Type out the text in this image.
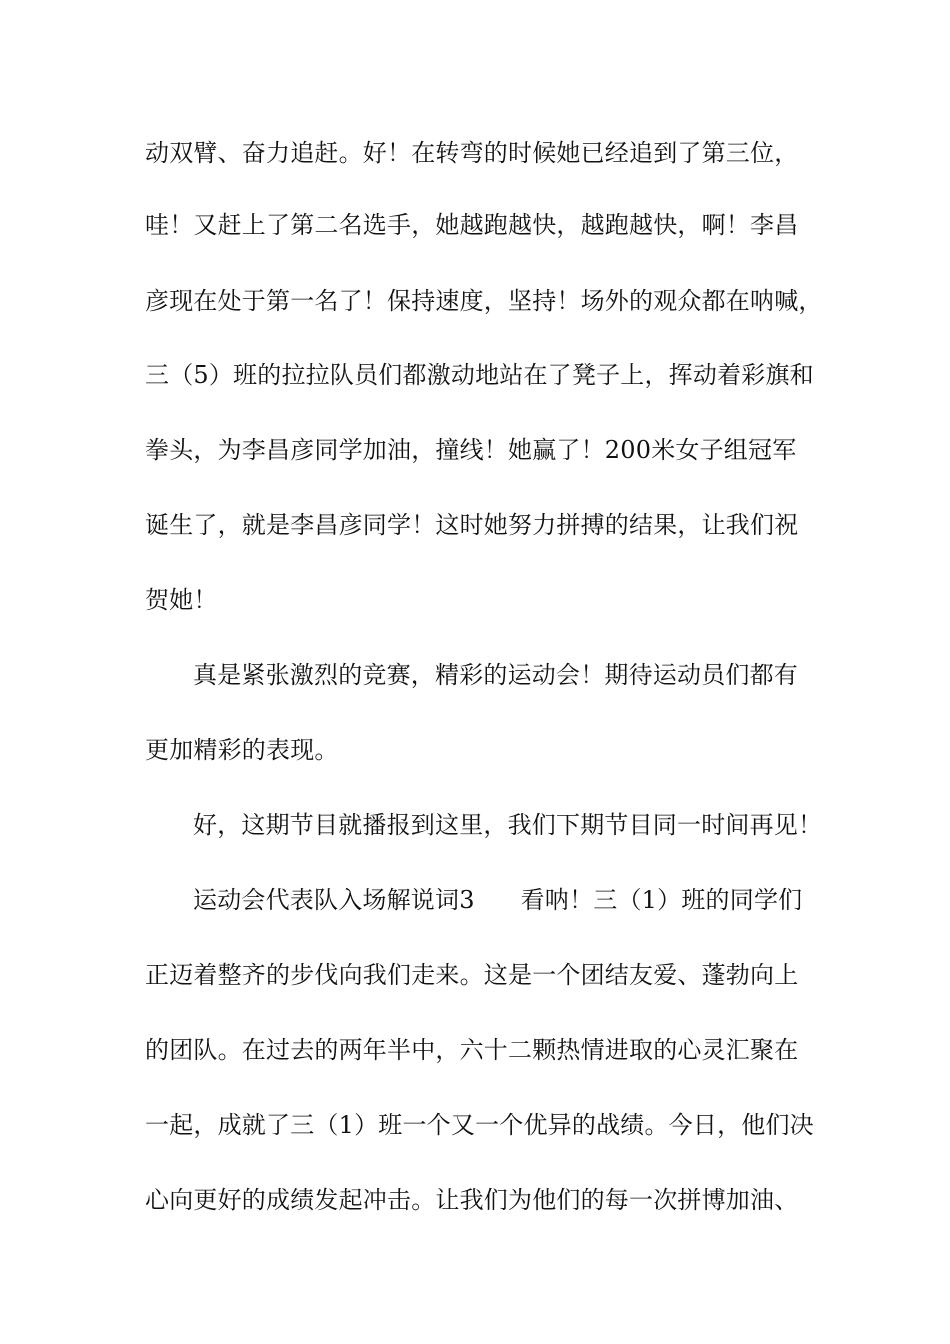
动双臂、奋力追赶。好！在转弯的时候她已经追到了第三位，
哇！又赶上了第二名选手，她越跑越快，越跑越快，啊！李昌
彦现在处于第一名了！保持速度，坚持！场外的观众都在呐喊，
三（5）班的拉拉队员们都激动地站在了凳子上，挥动着彩旗和
拳头，为李昌彦同学加油，撞线！她赢了！200米女子组冠军
诞生了，就是李昌彦同学！这时她努力拼搏的结果，让我们祝
贺她！
真是紧张激烈的竞赛，精彩的运动会！期待运动员们都有
更加精彩的表现。
好，这期节目就播报到这里，我们下期节目同一时间再见！
运动会代表队入场解说词3 看呐！三（1）班的同学们
正迈着整齐的步伐向我们走来。这是一个团结友爱、蓬勃向上
的团队。在过去的两年半中，六十二颗热情进取的心灵汇聚在
一起，成就了三（1）班一个又一个优异的战绩。今日，他们决
心向更好的成绩发起冲击。让我们为他们的每一次拼博加油、
